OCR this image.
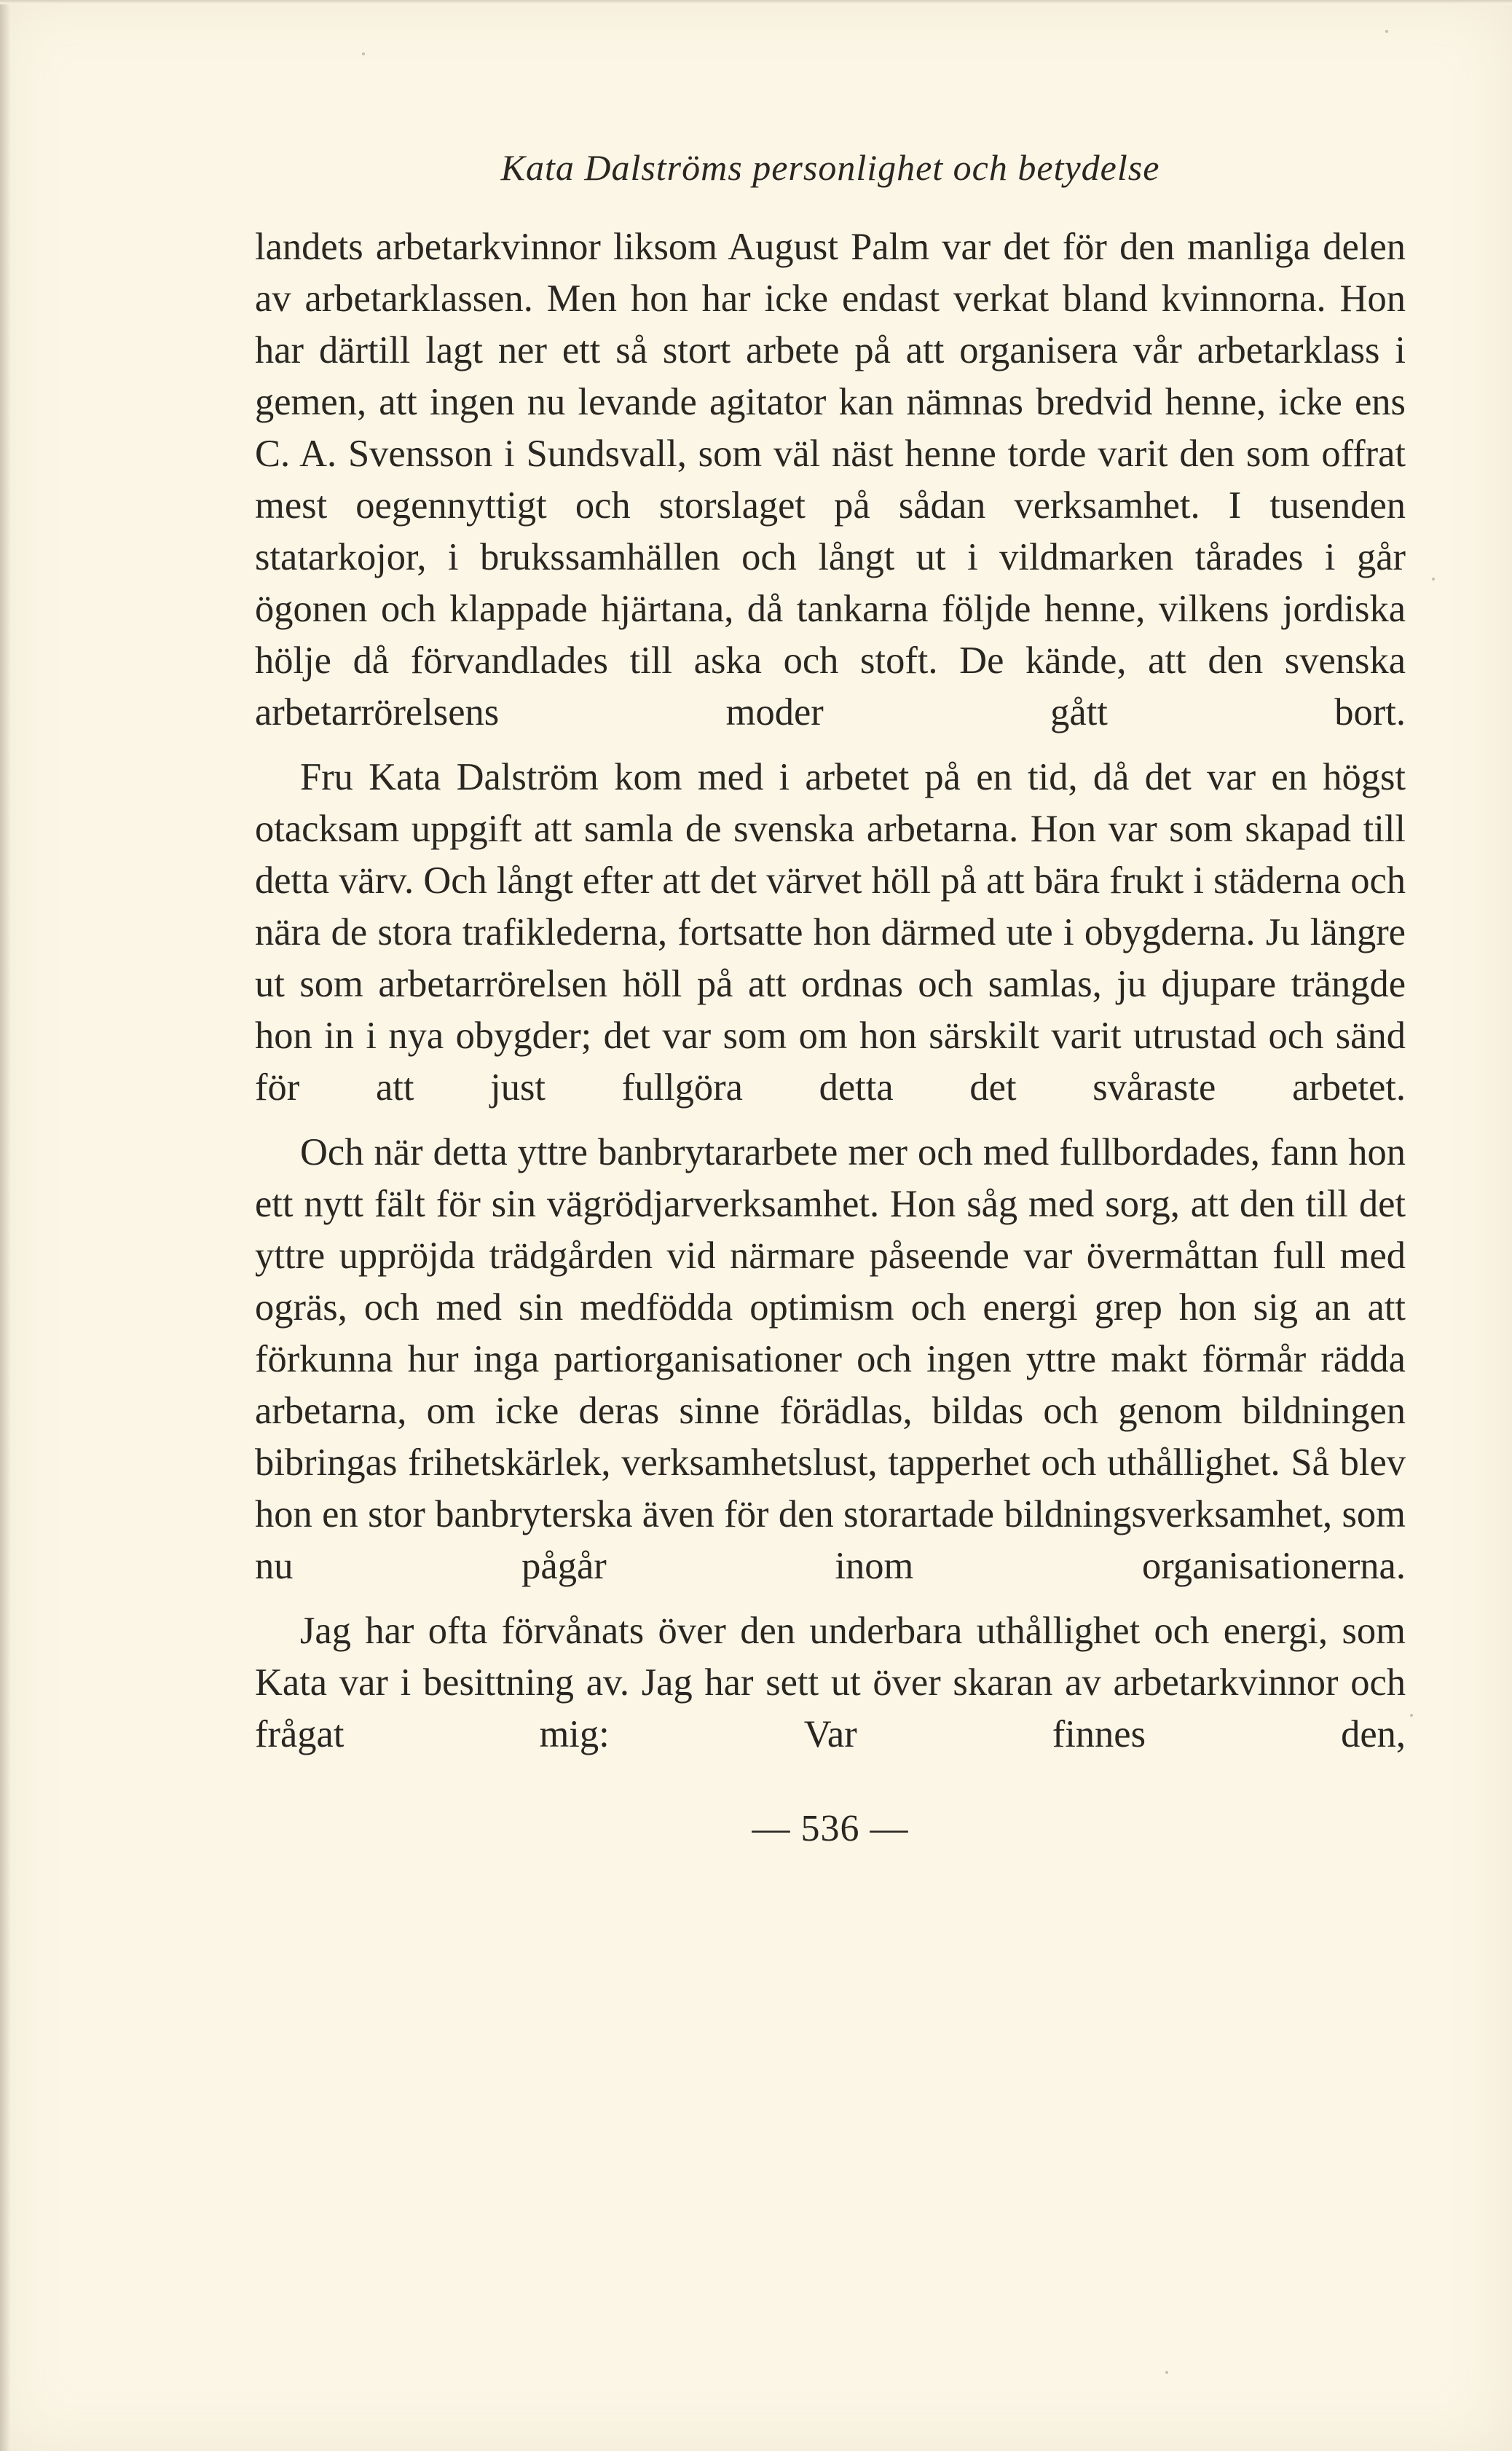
Kata Dalströms personlighet och betydelse

landets arbetarkvinnor liksom August Palm var det för den manliga delen av arbetarklassen. Men hon har icke endast verkat bland kvinnorna. Hon har därtill lagt ner ett så stort arbete på att organisera vår arbetarklass i gemen, att ingen nu levande agitator kan nämnas bredvid henne, icke ens C. A. Svensson i Sundsvall, som väl näst henne torde varit den som offrat mest oegennyttigt och storslaget på sådan verksamhet. I tusenden statarkojor, i brukssamhällen och långt ut i vildmarken tårades i går ögonen och klappade hjärtana, då tankarna följde henne, vilkens jordiska hölje då förvandlades till aska och stoft. De kände, att den svenska arbetarrörelsens moder gått bort.

Fru Kata Dalström kom med i arbetet på en tid, då det var en högst otacksam uppgift att samla de svenska arbetarna. Hon var som skapad till detta värv. Och långt efter att det värvet höll på att bära frukt i städerna och nära de stora trafiklederna, fortsatte hon därmed ute i obygderna. Ju längre ut som arbetarrörelsen höll på att ordnas och samlas, ju djupare trängde hon in i nya obygder; det var som om hon särskilt varit utrustad och sänd för att just fullgöra detta det svåraste arbetet.

Och när detta yttre banbrytararbete mer och med fullbordades, fann hon ett nytt fält för sin vägrödjarverksamhet. Hon såg med sorg, att den till det yttre uppröjda trädgården vid närmare påseende var övermåttan full med ogräs, och med sin medfödda optimism och energi grep hon sig an att förkunna hur inga partiorganisationer och ingen yttre makt förmår rädda arbetarna, om icke deras sinne förädlas, bildas och genom bildningen bibringas frihetskärlek, verksamhetslust, tapperhet och uthållighet. Så blev hon en stor banbryterska även för den storartade bildningsverksamhet, som nu pågår inom organisationerna.

Jag har ofta förvånats över den underbara uthållighet och energi, som Kata var i besittning av. Jag har sett ut över skaran av arbetarkvinnor och frågat mig: Var finnes den,

— 536 —
